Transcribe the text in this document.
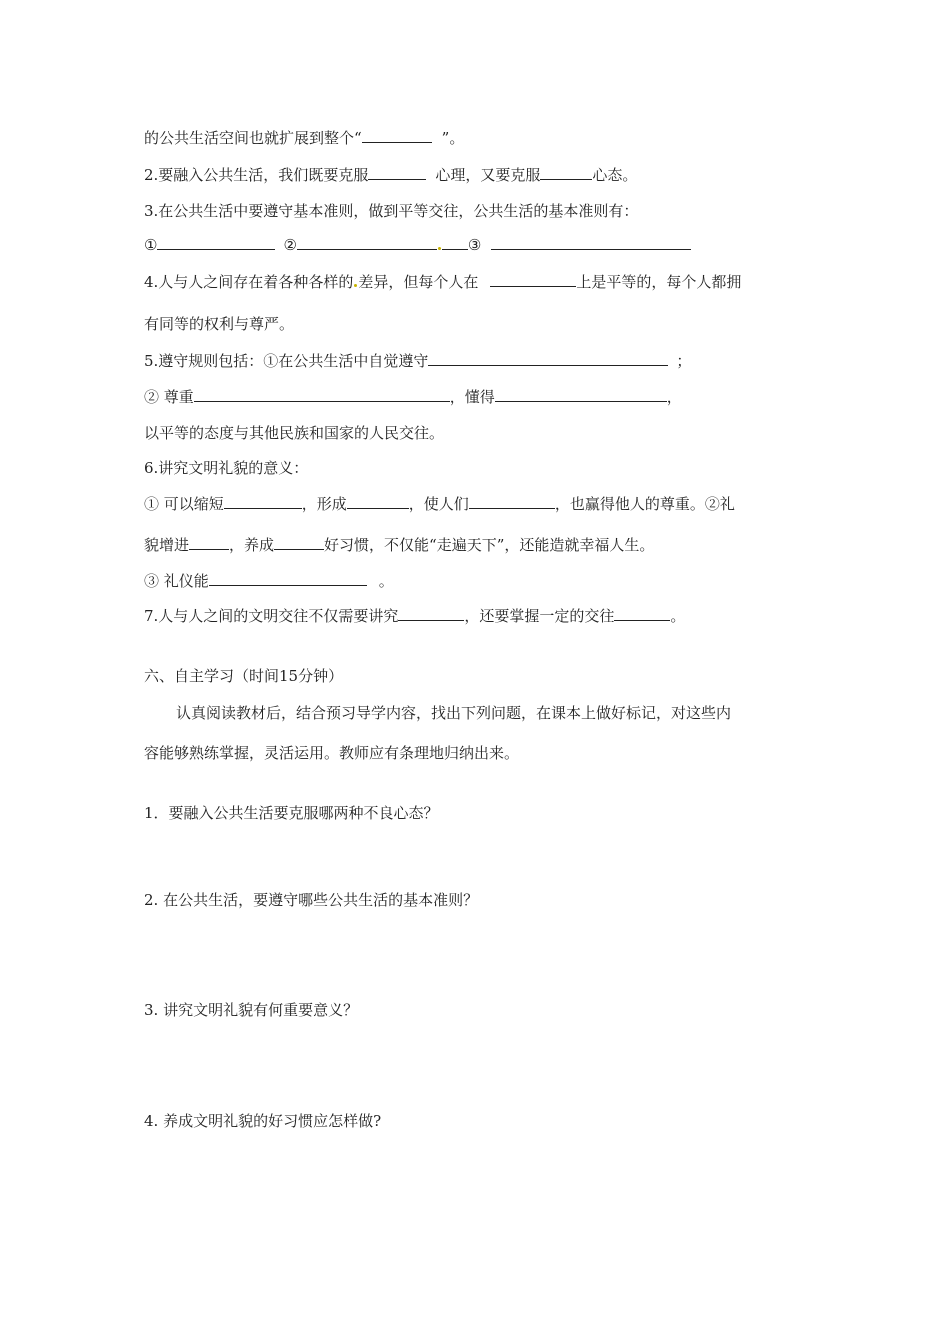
的公共生活空间也就扩展到整个“	”。
2.要融入公共生活，我们既要克服	心理，又要克服	心态。
3.在公共生活中要遵守基本准则，做到平等交往，公共生活的基本准则有：
①	②	③
4.人与人之间存在着各种各样的 差异，但每个人在	上是平等的，每个人都拥
有同等的权利与尊严。
5.遵守规则包括：①在公共生活中自觉遵守	；
② 尊重	，懂得	，
以平等的态度与其他民族和国家的人民交往。
6.讲究文明礼貌的意义：
① 可以缩短	，形成	，使人们	，也赢得他人的尊重。②礼
貌增进	，养成	好习惯，不仅能“走遍天下”，还能造就幸福人生。
③ 礼仪能	。
7.人与人之间的文明交往不仅需要讲究	，还要掌握一定的交往	。
六、自主学习（时间15分钟）
认真阅读教材后，结合预习导学内容，找出下列问题，在课本上做好标记，对这些内
容能够熟练掌握，灵活运用。教师应有条理地归纳出来。
1．要融入公共生活要克服哪两种不良心态？
2. 在公共生活，要遵守哪些公共生活的基本准则？
3. 讲究文明礼貌有何重要意义？
4. 养成文明礼貌的好习惯应怎样做?
